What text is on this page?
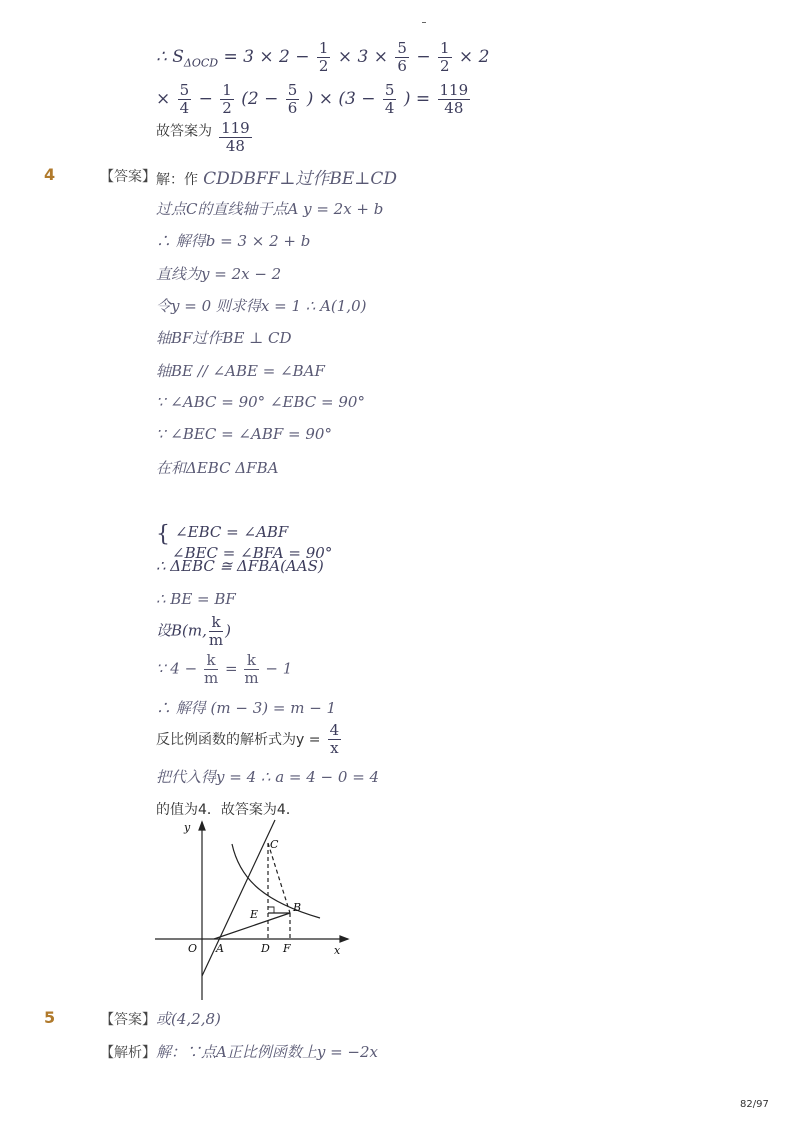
∴ $S_{\Delta OCD} = 3 \times 2 - \frac{1}{2} \times 3 \times \frac{5}{6} - \frac{1}{2} \times 2$
× $\frac{5}{4} - \frac{1}{2} (2 - \frac{5}{6}$ ) × ($3 - \frac{5}{4}$ ) = $\frac{119}{48}$
故答案为 $\frac{119}{48}$
4	【答案】 解：作 CDDBFF⊥过作BE⊥CD
过点C的直线轴于点A y = 2x + b
∴ 解得b = 3 × 2 + b
直线为y = 2x − 2
令y = 0 则求得x = 1 ∴ A(1,0)
轴BF过作BE ⊥ CD
轴BE // ∠ABE = ∠BAF
∵ ∠ABC = 90° ∠EBC = 90°
∵ ∠BEC = ∠ABF = 90°
在和ΔEBC ΔFBA
{ ∠EBC = ∠ABF
∠BEC = ∠BFA = 90°
∴ ΔEBC ≅ ΔFBA(AAS)
∴ BE = BF
设B(m, $\frac{k}{m}$ )
∵ $4 - \frac{k}{m} = \frac{k}{m} - 1$
∴ 解得 (m − 3) = m − 1
反比例函数的解析式为$y = \frac{4}{x}$
把代入得y = 4 ∴ a = 4 − 0 = 4
的值为4．故答案为4．
y
x
O A
C
B
E
D F
5	【答案】 或(4,2,8)
【解析】 解：∵点A正比例函数上y = −2x
82/97
